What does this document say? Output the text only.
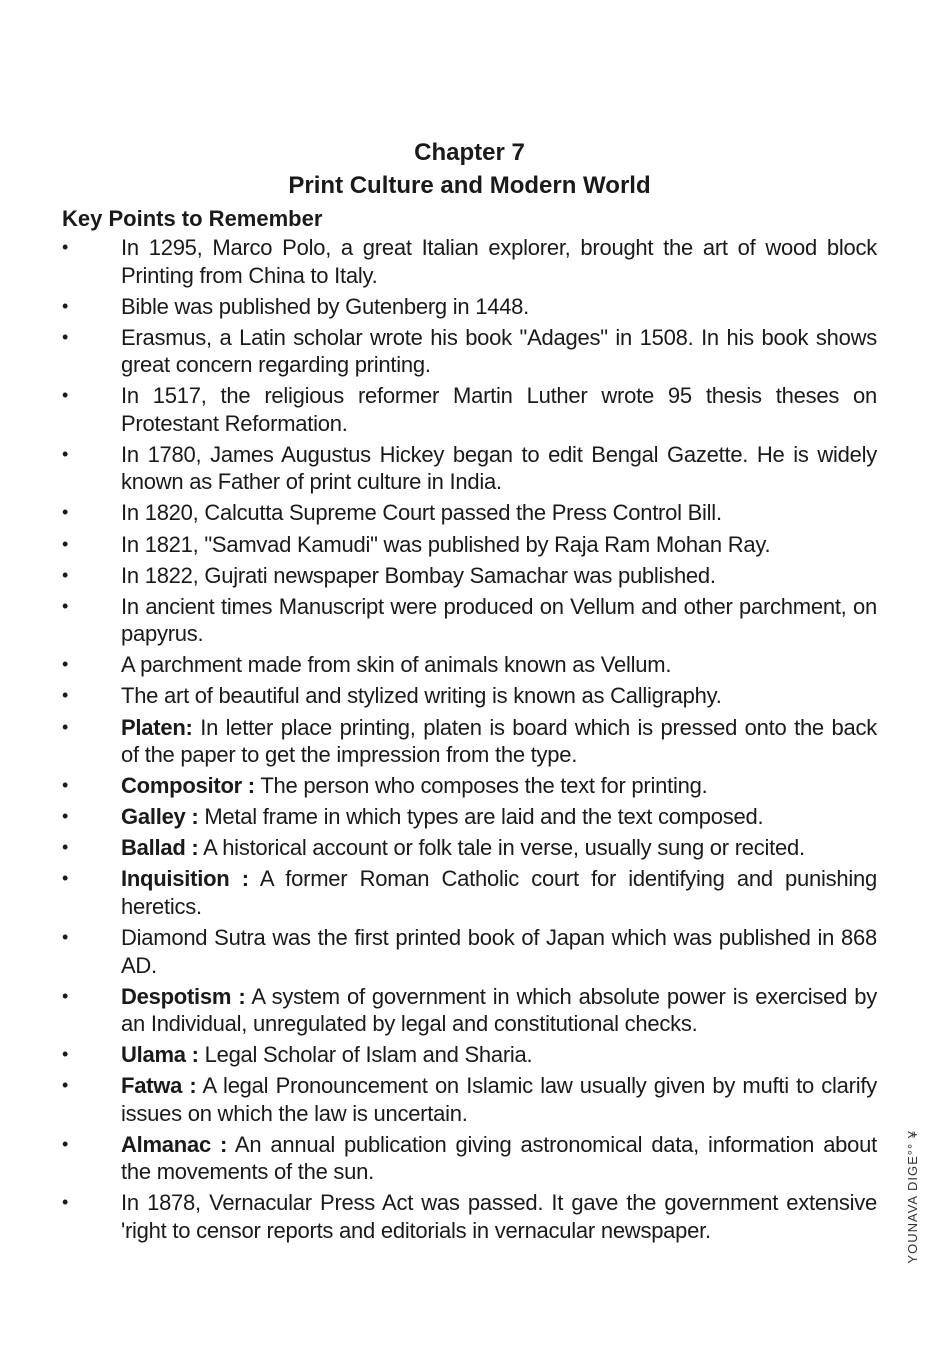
Chapter 7
Print Culture and Modern World
Key Points to Remember
• In 1295, Marco Polo, a great Italian explorer, brought the art of wood block Printing from China to Italy.
• Bible was published by Gutenberg in 1448.
• Erasmus, a Latin scholar wrote his book "Adages" in 1508. In his book shows great concern regarding printing.
• In 1517, the religious reformer Martin Luther wrote 95 thesis theses on Protestant Reformation.
• In 1780, James Augustus Hickey began to edit Bengal Gazette. He is widely known as Father of print culture in India.
• In 1820, Calcutta Supreme Court passed the Press Control Bill.
• In 1821, "Samvad Kamudi" was published by Raja Ram Mohan Ray.
• In 1822, Gujrati newspaper Bombay Samachar was published.
• In ancient times Manuscript were produced on Vellum and other parchment, on papyrus.
• A parchment made from skin of animals known as Vellum.
• The art of beautiful and stylized writing is known as Calligraphy.
• Platen: In letter place printing, platen is board which is pressed onto the back of the paper to get the impression from the type.
• Compositor : The person who composes the text for printing.
• Galley : Metal frame in which types are laid and the text composed.
• Ballad : A historical account or folk tale in verse, usually sung or recited.
• Inquisition : A former Roman Catholic court for identifying and punishing heretics.
• Diamond Sutra was the first printed book of Japan which was published in 868 AD.
• Despotism : A system of government in which absolute power is exercised by an Individual, unregulated by legal and constitutional checks.
• Ulama : Legal Scholar of Islam and Sharia.
• Fatwa : A legal Pronouncement on Islamic law usually given by mufti to clarify issues on which the law is uncertain.
• Almanac : An annual publication giving astronomical data, information about the movements of the sun.
• In 1878, Vernacular Press Act was passed. It gave the government extensive 'right to censor reports and editorials in vernacular newspaper.	YOUNAVA DIGE°° ¥
